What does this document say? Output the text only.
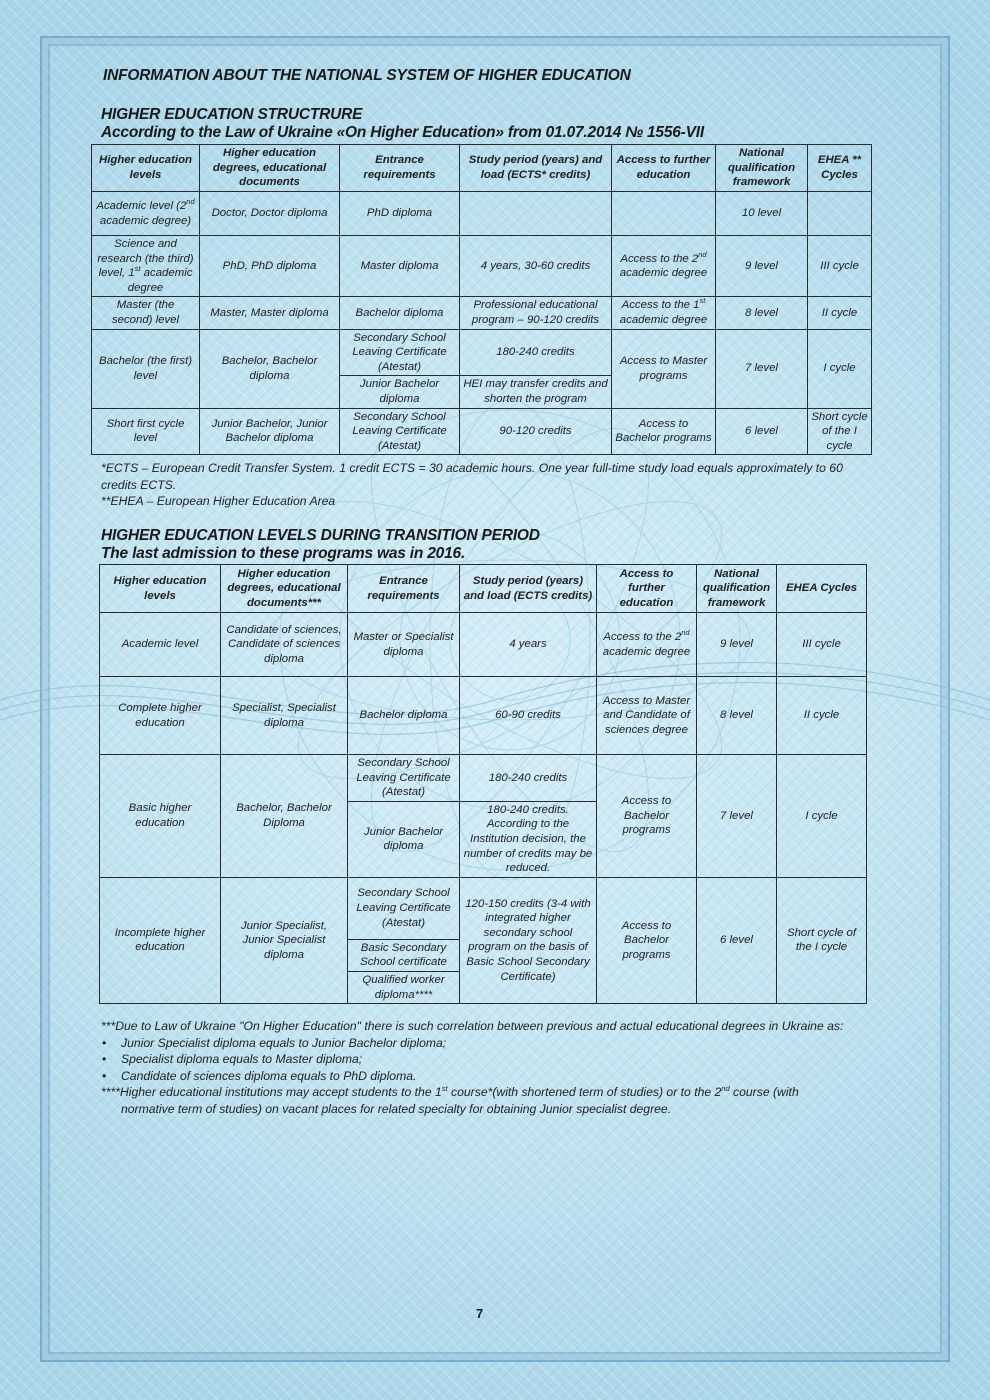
INFORMATION ABOUT THE NATIONAL SYSTEM OF HIGHER EDUCATION
HIGHER EDUCATION STRUCTRURE
According to the Law of Ukraine «On Higher Education» from 01.07.2014 № 1556-VII
Higher education levels	Higher education degrees, educational documents	Entrance requirements	Study period (years) and load (ECTS* credits)	Access to further education	National qualification framework	EHEA ** Cycles
Academic level (2nd academic degree)	Doctor, Doctor diploma	PhD diploma			10 level	
Science and research (the third) level, 1st academic degree	PhD, PhD diploma	Master diploma	4 years, 30-60 credits	Access to the 2nd academic degree	9 level	III cycle
Master (the second) level	Master, Master diploma	Bachelor diploma	Professional educational program – 90-120 credits	Access to the 1st academic degree	8 level	II cycle
Bachelor (the first) level	Bachelor, Bachelor diploma	Secondary School Leaving Certificate (Atestat)	180-240 credits	Access to Master programs	7 level	I cycle
		Junior Bachelor diploma	HEI may transfer credits and shorten the program			
Short first cycle level	Junior Bachelor, Junior Bachelor diploma	Secondary School Leaving Certificate (Atestat)	90-120 credits	Access to Bachelor programs	6 level	Short cycle of the I cycle

*ECTS – European Credit Transfer System. 1 credit ECTS = 30 academic hours. One year full-time study load equals approximately to 60 credits ECTS.

**EHEA – European Higher Education Area

HIGHER EDUCATION LEVELS DURING TRANSITION PERIOD
The last admission to these programs was in 2016.
Higher education levels	Higher education degrees, educational documents***	Entrance requirements	Study period (years) and load (ECTS credits)	Access to further education	National qualification framework	EHEA Cycles
Academic level	Candidate of sciences, Candidate of sciences diploma	Master or Specialist diploma	4 years	Access to the 2nd academic degree	9 level	III cycle
Complete higher education	Specialist, Specialist diploma	Bachelor diploma	60-90 credits	Access to Master and Candidate of sciences degree	8 level	II cycle
Basic higher education	Bachelor, Bachelor Diploma	Secondary School Leaving Certificate (Atestat)	180-240 credits	Access to Bachelor programs	7 level	I cycle
		Junior Bachelor diploma	180-240 credits. According to the Institution decision, the number of credits may be reduced.			
Incomplete higher education	Junior Specialist, Junior Specialist diploma	Secondary School Leaving Certificate (Atestat)	120-150 credits (3-4 with integrated higher secondary school program on the basis of Basic School Secondary Certificate)	Access to Bachelor programs	6 level	Short cycle of the I cycle
		Basic Secondary School certificate				
		Qualified worker diploma****				

***Due to Law of Ukraine "On Higher Education" there is such correlation between previous and actual educational degrees in Ukraine as:

• Junior Specialist diploma equals to Junior Bachelor diploma;

• Specialist diploma equals to Master diploma;

• Candidate of sciences diploma equals to PhD diploma.

****Higher educational institutions may accept students to the 1st course*(with shortened term of studies) or to the 2nd course (with

normative term of studies) on vacant places for related specialty for obtaining Junior specialist degree.

7
